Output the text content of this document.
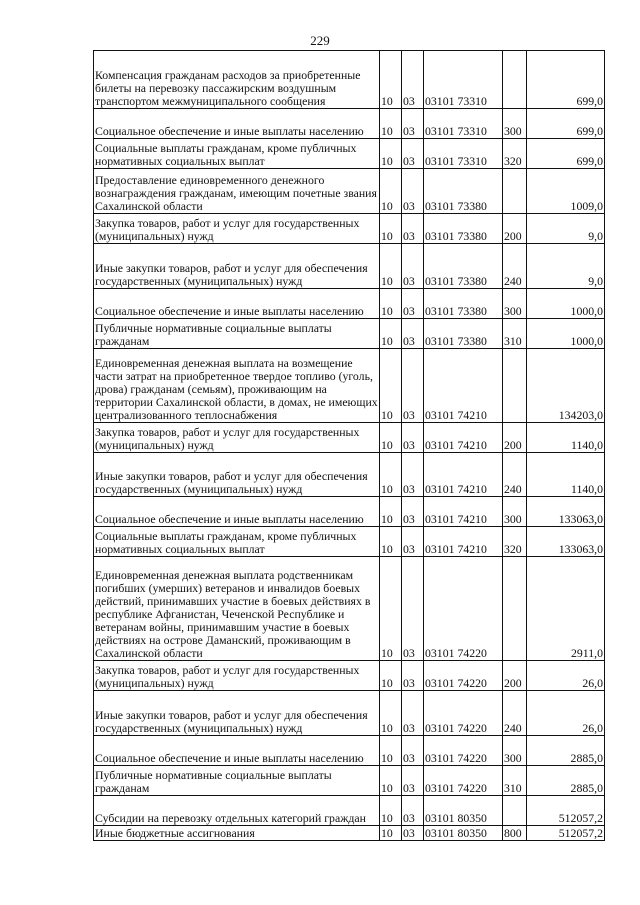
229
Компенсация гражданам расходов за приобретенные билеты на перевозку пассажирским воздушным транспортом межмуниципального сообщения	10	03	03101 73310		699,0
Социальное обеспечение и иные выплаты населению	10	03	03101 73310	300	699,0
Социальные выплаты гражданам, кроме публичных нормативных социальных выплат	10	03	03101 73310	320	699,0
Предоставление единовременного денежного вознаграждения гражданам, имеющим почетные звания Сахалинской области	10	03	03101 73380		1009,0
Закупка товаров, работ и услуг для государственных (муниципальных) нужд	10	03	03101 73380	200	9,0
Иные закупки товаров, работ и услуг для обеспечения государственных (муниципальных) нужд	10	03	03101 73380	240	9,0
Социальное обеспечение и иные выплаты населению	10	03	03101 73380	300	1000,0
Публичные нормативные социальные выплаты гражданам	10	03	03101 73380	310	1000,0
Единовременная денежная выплата на возмещение части затрат на приобретенное твердое топливо (уголь, дрова) гражданам (семьям), проживающим на территории Сахалинской области, в домах, не имеющих централизованного теплоснабжения	10	03	03101 74210		134203,0
Закупка товаров, работ и услуг для государственных (муниципальных) нужд	10	03	03101 74210	200	1140,0
Иные закупки товаров, работ и услуг для обеспечения государственных (муниципальных) нужд	10	03	03101 74210	240	1140,0
Социальное обеспечение и иные выплаты населению	10	03	03101 74210	300	133063,0
Социальные выплаты гражданам, кроме публичных нормативных социальных выплат	10	03	03101 74210	320	133063,0
Единовременная денежная выплата родственникам погибших (умерших) ветеранов и инвалидов боевых действий, принимавших участие в боевых действиях в республике Афганистан, Чеченской Республике и ветеранам войны, принимавшим участие в боевых действиях на острове Даманский, проживающим в Сахалинской области	10	03	03101 74220		2911,0
Закупка товаров, работ и услуг для государственных (муниципальных) нужд	10	03	03101 74220	200	26,0
Иные закупки товаров, работ и услуг для обеспечения государственных (муниципальных) нужд	10	03	03101 74220	240	26,0
Социальное обеспечение и иные выплаты населению	10	03	03101 74220	300	2885,0
Публичные нормативные социальные выплаты гражданам	10	03	03101 74220	310	2885,0
Субсидии на перевозку отдельных категорий граждан	10	03	03101 80350		512057,2
Иные бюджетные ассигнования	10	03	03101 80350	800	512057,2
